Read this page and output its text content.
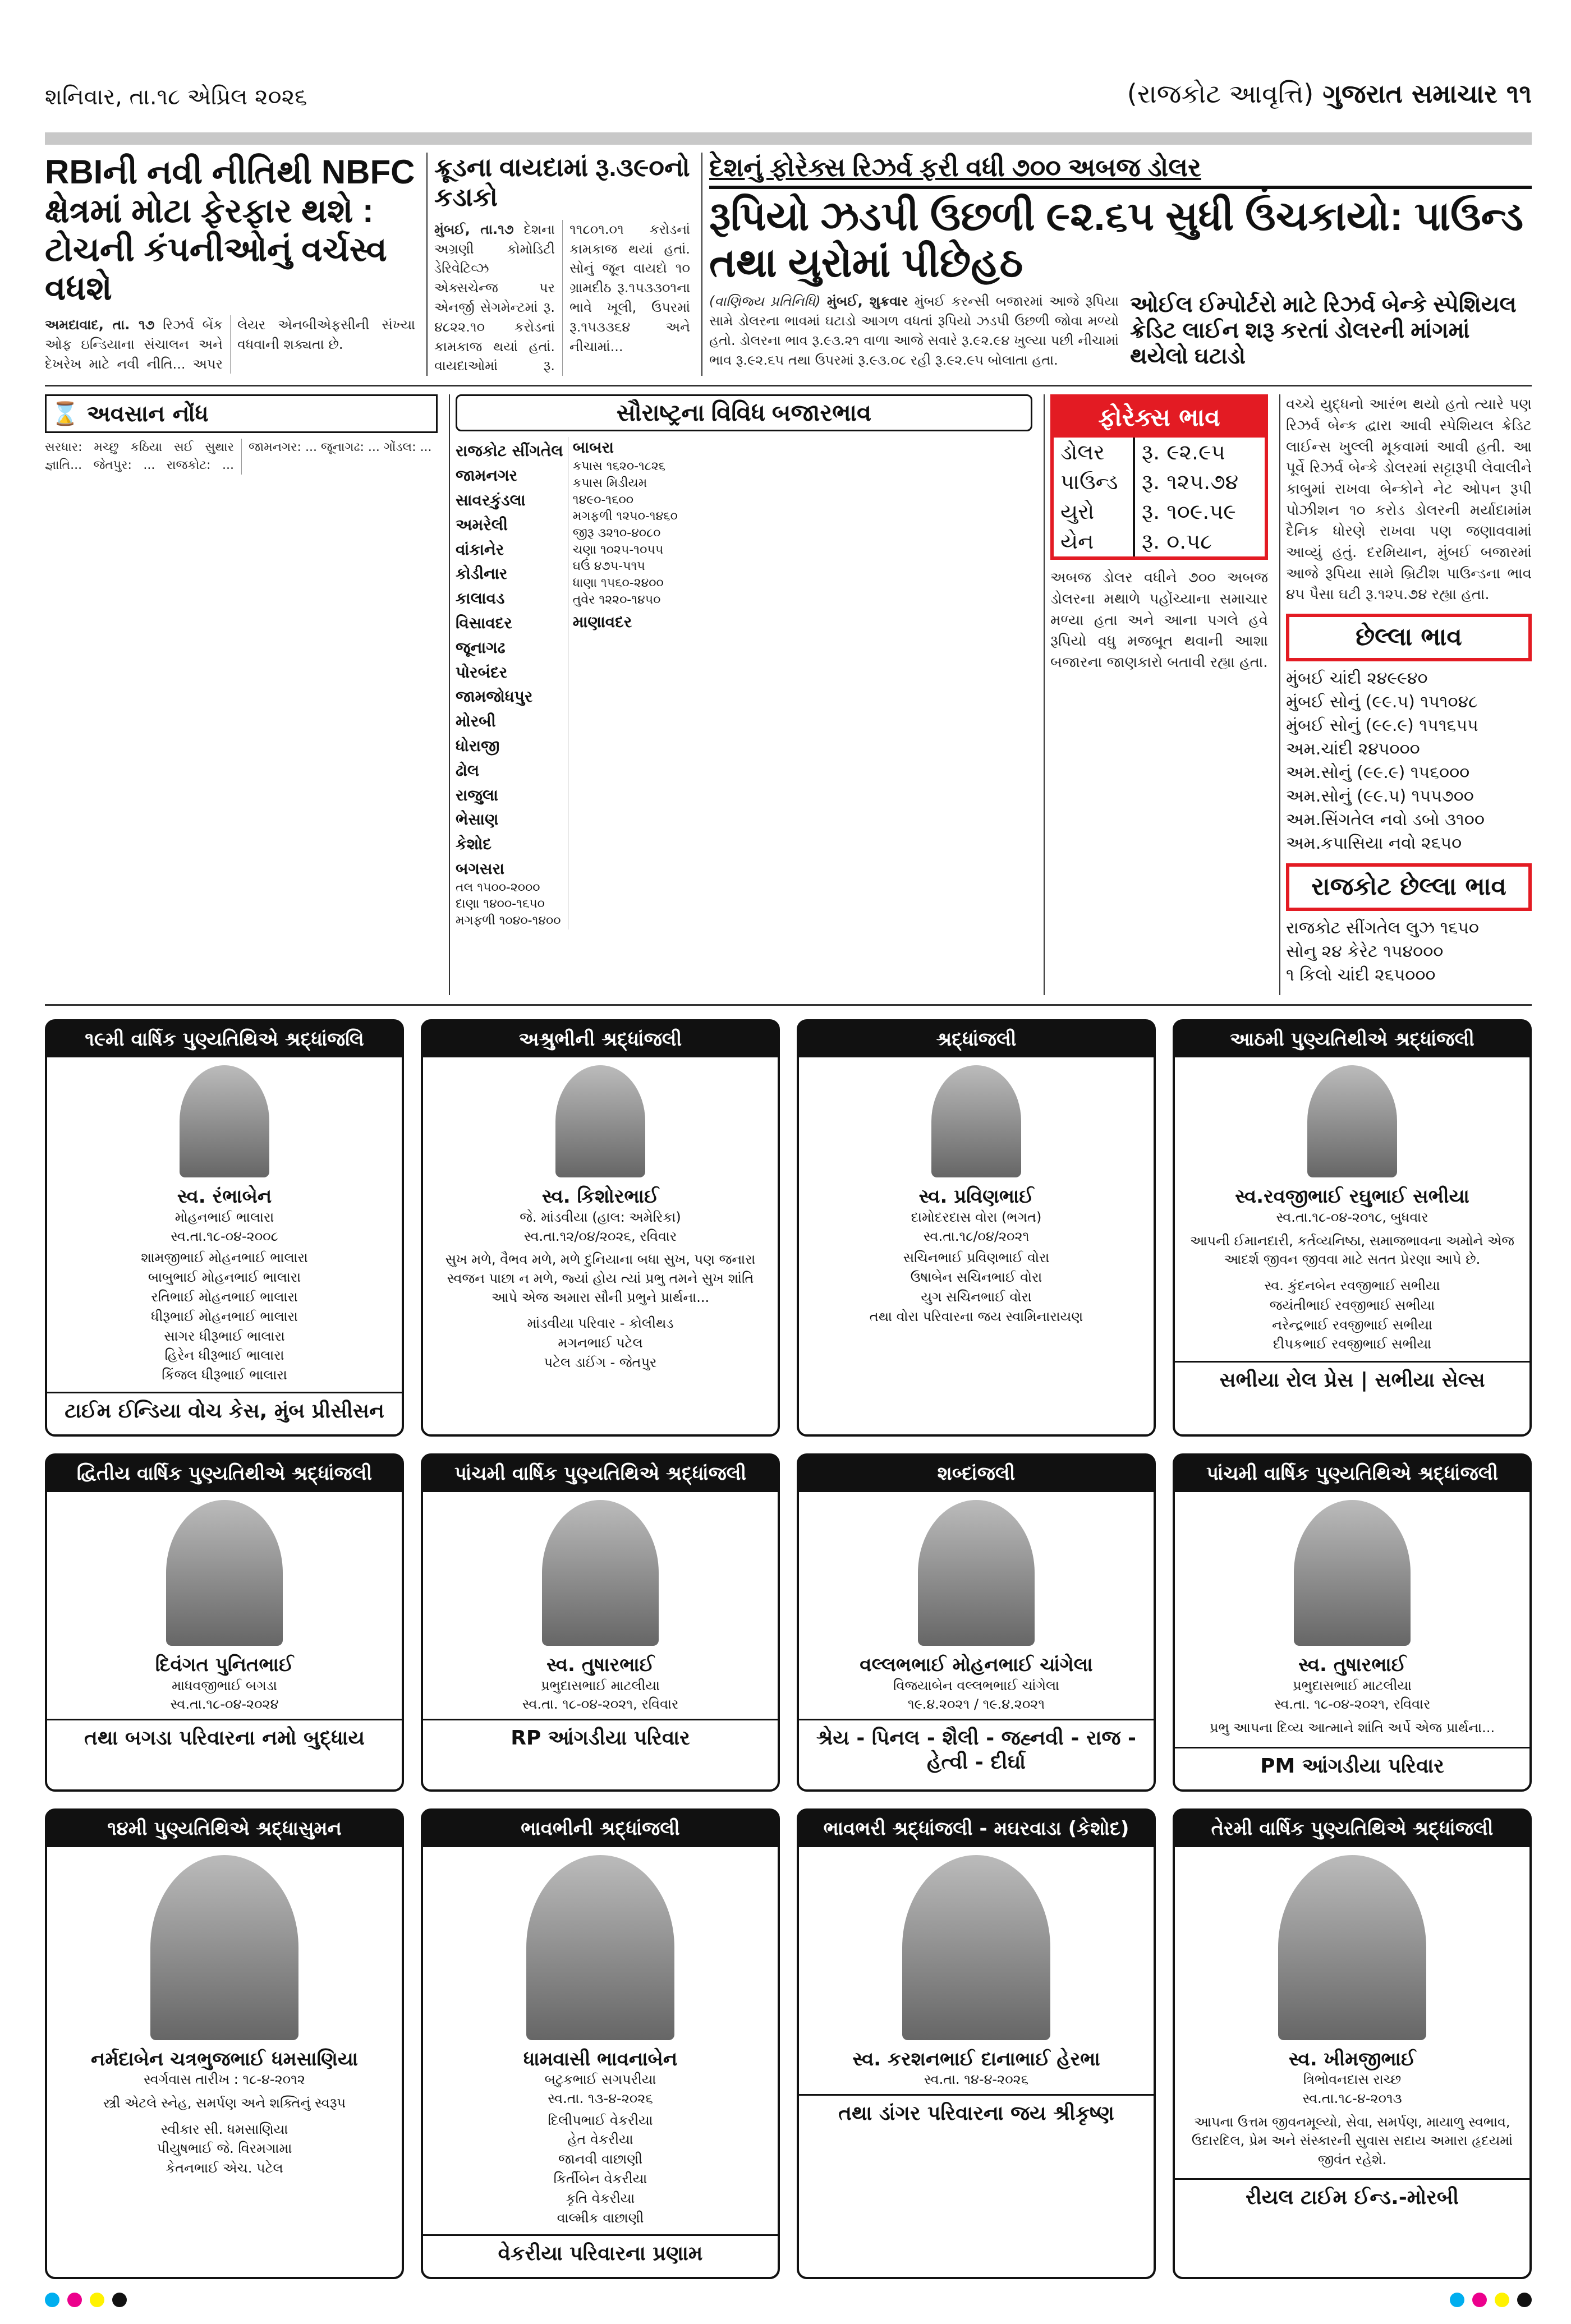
શનિવાર, તા.૧૮ એપ્રિલ ૨૦૨૬	(રાજકોટ આવૃત્તિ) ગુજરાત સમાચાર ૧૧
RBIની નવી નીતિથી NBFC ક્ષેત્રમાં મોટા ફેરફાર થશે : ટોચની કંપનીઓનું વર્ચસ્વ વધશે
અમદાવાદ, તા. ૧૭ રિઝર્વ બેંક ઓફ ઇન્ડિયાના સંચાલન અને દેખરેખ માટે નવી નીતિ... અપર લેયર એનબીએફસીની સંખ્યા વધવાની શક્યતા છે.
ક્રૂડના વાયદામાં રૂ.૩૯૦નો કડાકો
મુંબઈ, તા.૧૭ દેશના અગ્રણી કોમોડિટી ડેરિવેટિવ્ઝ એક્સચેન્જ પર એનર્જી સેગમેન્ટમાં રૂ. ૪૮૨૨.૧૦ કરોડનાં કામકાજ થયાં હતાં. વાયદાઓમાં રૂ. ૧૧૮૦૧.૦૧ કરોડનાં કામકાજ થયાં હતાં. સોનું જૂન વાયદો ૧૦ ગ્રામદીઠ રૂ.૧૫૩૩૦૧ના ભાવે ખૂલી, ઉપરમાં રૂ.૧૫૩૩૬૪ અને નીચામાં...
દેશનું ફોરેક્સ રિઝર્વ ફરી વધી ૭૦૦ અબજ ડોલર
રૂપિયો ઝડપી ઉછળી ૯૨.૬૫ સુધી ઉંચકાયો: પાઉન્ડ તથા યુરોમાં પીછેહઠ
(વાણિજ્ય પ્રતિનિધિ) મુંબઈ, શુક્રવાર મુંબઈ કરન્સી બજારમાં આજે રૂપિયા સામે ડોલરના ભાવમાં ઘટાડો આગળ વધતાં રૂપિયો ઝડપી ઉછળી જોવા મળ્યો હતો. ડોલરના ભાવ રૂ.૯૩.૨૧ વાળા આજે સવારે રૂ.૯૨.૯૪ ખુલ્યા પછી નીચામાં ભાવ રૂ.૯૨.૬૫ તથા ઉપરમાં રૂ.૯૩.૦૮ રહી રૂ.૯૨.૯૫ બોલાતા હતા.
ઓઈલ ઈમ્પોર્ટરો માટે રિઝર્વ બેન્કે સ્પેશિયલ ક્રેડિટ લાઈન શરૂ કરતાં ડોલરની માંગમાં થયેલો ઘટાડો
⌛ અવસાન નોંધ
સરધાર: મચ્છુ કઠિયા સઈ સુથાર જ્ઞાતિ... જેતપુર: ... રાજકોટ: ... જામનગર: ... જૂનાગઢ: ... ગોંડલ: ...
સૌરાષ્ટ્રના વિવિધ બજારભાવ
રાજકોટ સીંગતેલ
જામનગર
સાવરકુંડલા
અમરેલી
વાંકાનેર
કોડીનાર
કાલાવડ
વિસાવદર
જૂનાગઢ
પોરબંદર
જામજોધપુર
મોરબી
ધોરાજી
ઢોલ
રાજુલા
ભેસાણ
કેશોદ
બગસરા
તલ ૧૫૦૦-૨૦૦૦
દાણા ૧૪૦૦-૧૬૫૦
મગફળી ૧૦૪૦-૧૪૦૦
બાબરા
કપાસ ૧૬૨૦-૧૮૨૬
કપાસ મિડીયમ ૧૪૯૦-૧૬૦૦
મગફળી ૧૨૫૦-૧૪૬૦
જીરૂ ૩૨૧૦-૪૦૮૦
ચણા ૧૦૨૫-૧૦૫૫
ઘઉં ૪૭૫-૫૧૫
ધાણા ૧૫૬૦-૨૪૦૦
તુવેર ૧૨૨૦-૧૪૫૦
માણાવદર
ફોરેક્સ ભાવ
ડોલર	રૂ. ૯૨.૯૫
પાઉન્ડ	રૂ. ૧૨૫.૭૪
યુરો	રૂ. ૧૦૯.૫૯
યેન	રૂ. ૦.૫૮
અબજ ડોલર વધીને ૭૦૦ અબજ ડોલરના મથાળે પહોંચ્યાના સમાચાર મળ્યા હતા અને આના પગલે હવે રૂપિયો વધુ મજબૂત થવાની આશા બજારના જાણકારો બતાવી રહ્યા હતા.
વચ્ચે યુદ્ધનો આરંભ થયો હતો ત્યારે પણ રિઝર્વ બેન્ક દ્વારા આવી સ્પેશિયલ ક્રેડિટ લાઈન્સ ખુલ્લી મૂકવામાં આવી હતી. આ પૂર્વે રિઝર્વ બેન્કે ડોલરમાં સટ્ટારૂપી લેવાલીને કાબુમાં રાખવા બેન્કોને નેટ ઓપન રૂપી પોઝીશન ૧૦ કરોડ ડોલરની મર્યાદામાંમ દૈનિક ધોરણે રાખવા પણ જણાવવામાં આવ્યું હતું. દરમિયાન, મુંબઈ બજારમાં આજે રૂપિયા સામે બ્રિટીશ પાઉન્ડના ભાવ ૪૫ પૈસા ઘટી રૂ.૧૨૫.૭૪ રહ્યા હતા.
છેલ્લા ભાવ
મુંબઈ ચાંદી ૨૪૯૯૪૦
મુંબઈ સોનું (૯૯.૫) ૧૫૧૦૪૮
મુંબઈ સોનું (૯૯.૯) ૧૫૧૬૫૫
અમ.ચાંદી ૨૪૫૦૦૦
અમ.સોનું (૯૯.૯) ૧૫૬૦૦૦
અમ.સોનું (૯૯.૫) ૧૫૫૭૦૦
અમ.સિંગતેલ નવો ડબો ૩૧૦૦
અમ.કપાસિયા નવો ૨૬૫૦
રાજકોટ છેલ્લા ભાવ
રાજકોટ સીંગતેલ લુઝ ૧૬૫૦
સોનુ ૨૪ કેરેટ ૧૫૪૦૦૦
૧ કિલો ચાંદી ૨૬૫૦૦૦
૧૯મી વાર્ષિક પુણ્યતિથિએ શ્રદ્ધાંજલિ
સ્વ. રંભાબેન
મોહનભાઈ ભાલારા
સ્વ.તા.૧૮-૦૪-૨૦૦૮
શામજીભાઈ મોહનભાઈ ભાલારા
બાબુભાઈ મોહનભાઈ ભાલારા
રતિભાઈ મોહનભાઈ ભાલારા
ધીરૂભાઈ મોહનભાઈ ભાલારા
સાગર ધીરૂભાઈ ભાલારા
હિરેન ધીરૂભાઈ ભાલારા
કિંજલ ધીરૂભાઈ ભાલારા
ટાઈમ ઈન્ડિયા વોચ કેસ, મુંબ પ્રીસીસન
અશ્રુભીની શ્રદ્ધાંજલી
સ્વ. કિશોરભાઈ
જે. માંડવીયા (હાલ: અમેરિકા)
સ્વ.તા.૧૨/૦૪/૨૦૨૬, રવિવાર
સુખ મળે, વૈભવ મળે, મળે દુનિયાના બધા સુખ, પણ જનારા સ્વજન પાછા ન મળે, જ્યાં હોય ત્યાં પ્રભુ તમને સુખ શાંતિ આપે એજ અમારા સૌની પ્રભુને પ્રાર્થના...
માંડવીયા પરિવાર - કોલીથડ
મગનભાઈ પટેલ
પટેલ ડાઈંગ - જેતપુર
શ્રદ્ધાંજલી
સ્વ. પ્રવિણભાઈ
દામોદરદાસ વોરા (ભગત)
સ્વ.તા.૧૮/૦૪/૨૦૨૧
સચિનભાઈ પ્રવિણભાઈ વોરા
ઉષાબેન સચિનભાઈ વોરા
યુગ સચિનભાઈ વોરા
તથા વોરા પરિવારના જય સ્વામિનારાયણ
આઠમી પુણ્યતિથીએ શ્રદ્ધાંજલી
સ્વ.રવજીભાઈ રઘુભાઈ સભીયા
સ્વ.તા.૧૮-૦૪-૨૦૧૮, બુધવાર
આપની ઈમાનદારી, કર્તવ્યનિષ્ઠા, સમાજભાવના અમોને એજ આદર્શ જીવન જીવવા માટે સતત પ્રેરણા આપે છે.
સ્વ. કુંદનબેન રવજીભાઈ સભીયા
જયંતીભાઈ રવજીભાઈ સભીયા
નરેન્દ્રભાઈ રવજીભાઈ સભીયા
દીપકભાઈ રવજીભાઈ સભીયા
સભીયા રોલ પ્રેસ | સભીયા સેલ્સ
દ્વિતીય વાર્ષિક પુણ્યતિથીએ શ્રદ્ધાંજલી
દિવંગત પુનિતભાઈ
માધવજીભાઈ બગડા
સ્વ.તા.૧૮-૦૪-૨૦૨૪
તથા બગડા પરિવારના નમો બુદ્ધાય
પાંચમી વાર્ષિક પુણ્યતિથિએ શ્રદ્ધાંજલી
સ્વ. તુષારભાઈ
પ્રભુદાસભાઈ માટલીયા
સ્વ.તા. ૧૮-૦૪-૨૦૨૧, રવિવાર
RP આંગડીયા પરિવાર
શબ્દાંજલી
વલ્લભભાઈ મોહનભાઈ ચાંગેલા
વિજયાબેન વલ્લભભાઈ ચાંગેલા
૧૯.૪.૨૦૨૧ / ૧૯.૪.૨૦૨૧
શ્રેય - પિનલ - શૈલી - જહ્નવી - રાજ - હેત્વી - દીર્ઘા
પાંચમી વાર્ષિક પુણ્યતિથિએ શ્રદ્ધાંજલી
સ્વ. તુષારભાઈ
પ્રભુદાસભાઈ માટલીયા
સ્વ.તા. ૧૮-૦૪-૨૦૨૧, રવિવાર
પ્રભુ આપના દિવ્ય આત્માને શાંતિ અર્પે એજ પ્રાર્થના...
PM આંગડીયા પરિવાર
૧૪મી પુણ્યતિથિએ શ્રદ્ધાસુમન
નર્મદાબેન ચત્રભુજભાઈ ધમસાણિયા
સ્વર્ગવાસ તારીખ : ૧૮-૪-૨૦૧૨
સ્ત્રી એટલે સ્નેહ, સમર્પણ અને શક્તિનું સ્વરૂપ
સ્વીકાર સી. ધમસાણિયા
પીયુષભાઈ જે. વિરમગામા
કેતનભાઈ એચ. પટેલ
ભાવભીની શ્રદ્ધાંજલી
ધામવાસી ભાવનાબેન
બટુકભાઈ સગપરીયા
સ્વ.તા. ૧૩-૪-૨૦૨૬
દિલીપભાઈ વેકરીયા
હેત વેકરીયા
જાનવી વાછાણી
કિર્તીબેન વેકરીયા
કૃતિ વેકરીયા
વાલ્મીક વાછાણી
વેકરીયા પરિવારના પ્રણામ
ભાવભરી શ્રદ્ધાંજલી - મઘરવાડા (કેશોદ)
સ્વ. કરશનભાઈ દાનાભાઈ હેરભા
સ્વ.તા. ૧૪-૪-૨૦૨૬
તથા ડાંગર પરિવારના જય શ્રીકૃષ્ણ
તેરમી વાર્ષિક પુણ્યતિથિએ શ્રદ્ધાંજલી
સ્વ. ખીમજીભાઈ
ત્રિભોવનદાસ રાચ્છ
સ્વ.તા.૧૮-૪-૨૦૧૩
આપના ઉત્તમ જીવનમૂલ્યો, સેવા, સમર્પણ, માયાળુ સ્વભાવ, ઉદારદિલ, પ્રેમ અને સંસ્કારની સુવાસ સદાય અમારા હૃદયમાં જીવંત રહેશે.
રીયલ ટાઈમ ઈન્ડ.-મોરબી
